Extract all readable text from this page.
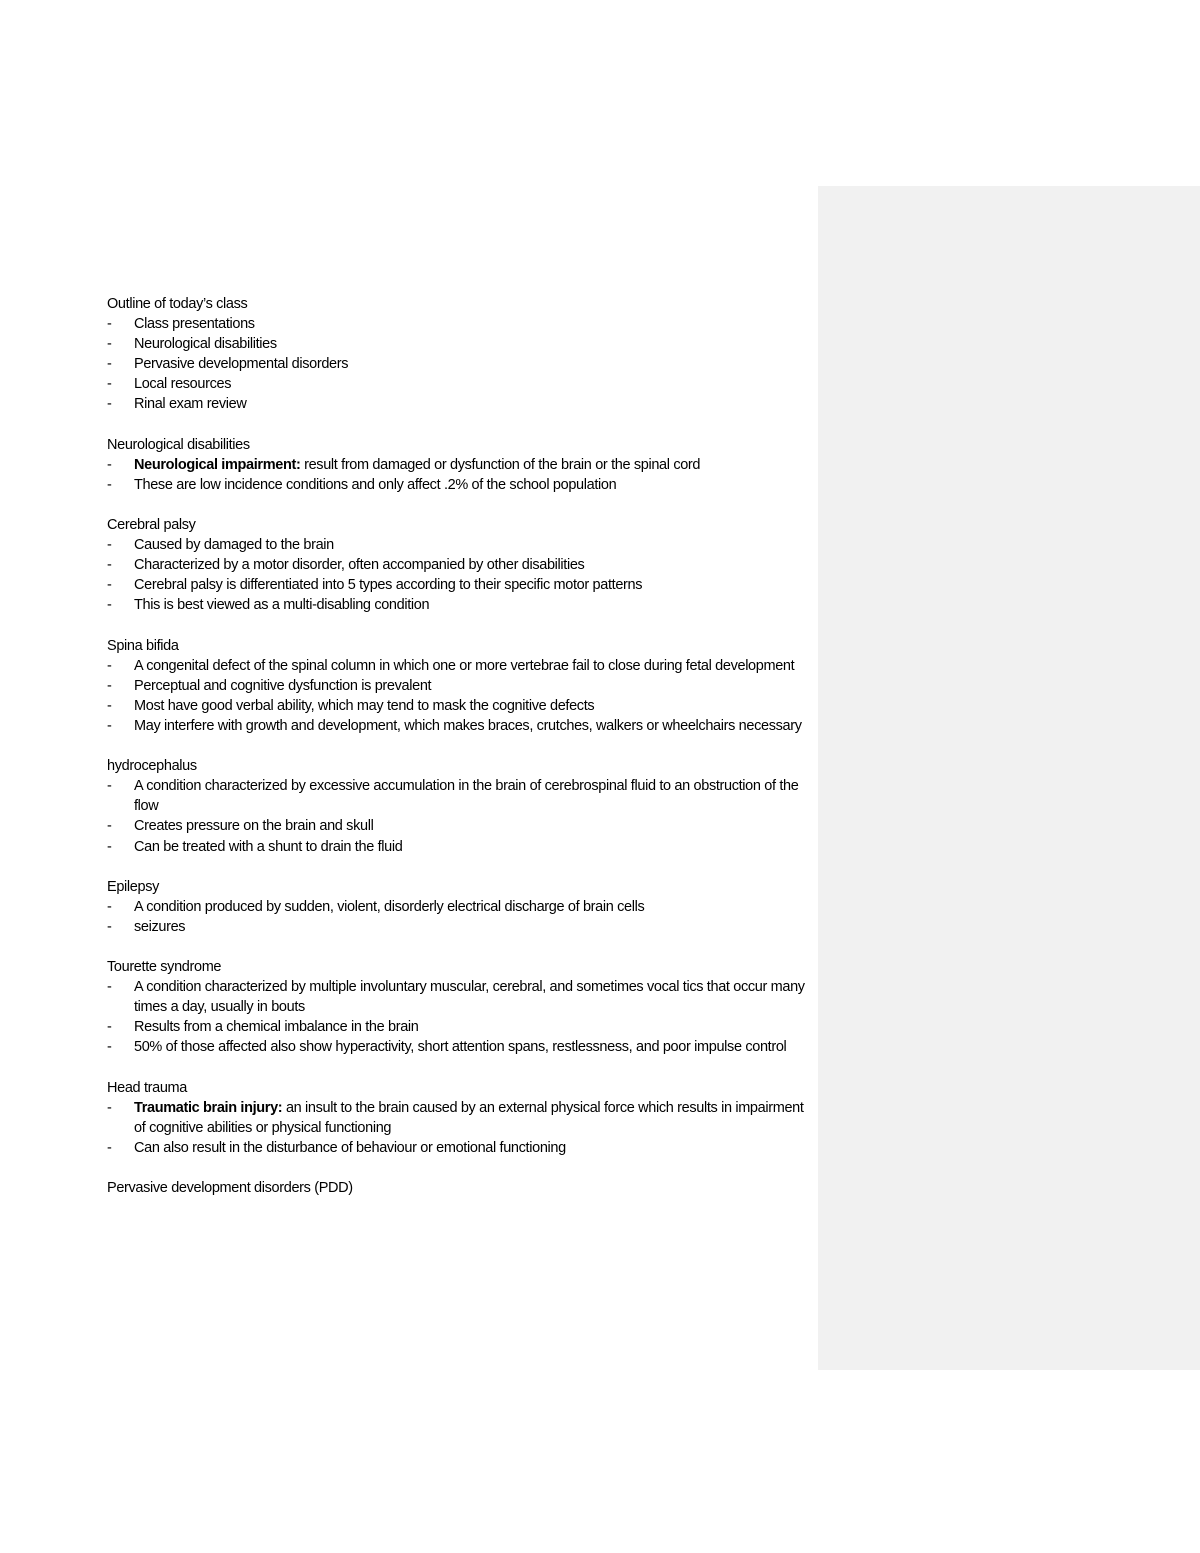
Outline of today’s class
- Class presentations
- Neurological disabilities
- Pervasive developmental disorders
- Local resources
- Rinal exam review
Neurological disabilities
- Neurological impairment: result from damaged or dysfunction of the brain or the spinal cord
- These are low incidence conditions and only affect .2% of the school population
Cerebral palsy
- Caused by damaged to the brain
- Characterized by a motor disorder, often accompanied by other disabilities
- Cerebral palsy is differentiated into 5 types according to their specific motor patterns
- This is best viewed as a multi-disabling condition
Spina bifida
- A congenital defect of the spinal column in which one or more vertebrae fail to close during fetal development
- Perceptual and cognitive dysfunction is prevalent
- Most have good verbal ability, which may tend to mask the cognitive defects
- May interfere with growth and development, which makes braces, crutches, walkers or wheelchairs necessary
hydrocephalus
- A condition characterized by excessive accumulation in the brain of cerebrospinal fluid to an obstruction of the flow
- Creates pressure on the brain and skull
- Can be treated with a shunt to drain the fluid
Epilepsy
- A condition produced by sudden, violent, disorderly electrical discharge of brain cells
- seizures
Tourette syndrome
- A condition characterized by multiple involuntary muscular, cerebral, and sometimes vocal tics that occur many times a day, usually in bouts
- Results from a chemical imbalance in the brain
- 50% of those affected also show hyperactivity, short attention spans, restlessness, and poor impulse control
Head trauma
- Traumatic brain injury: an insult to the brain caused by an external physical force which results in impairment of cognitive abilities or physical functioning
- Can also result in the disturbance of behaviour or emotional functioning
Pervasive development disorders (PDD)
